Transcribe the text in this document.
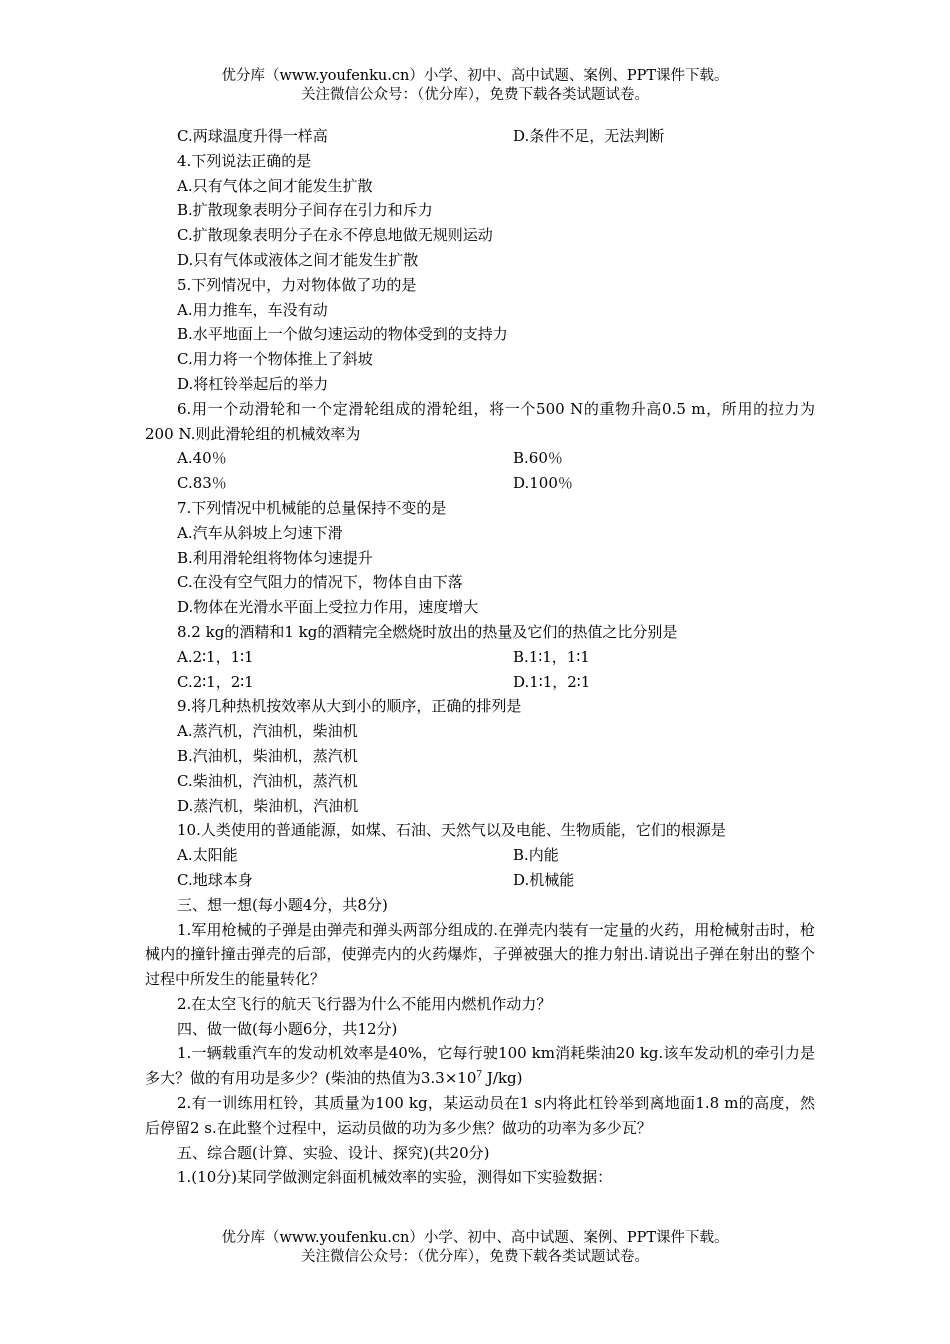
优分库（www.youfenku.cn）小学、初中、高中试题、案例、PPT课件下载。
关注微信公众号：（优分库），免费下载各类试题试卷。
C.两球温度升得一样高	D.条件不足，无法判断
4.下列说法正确的是
A.只有气体之间才能发生扩散
B.扩散现象表明分子间存在引力和斥力
C.扩散现象表明分子在永不停息地做无规则运动
D.只有气体或液体之间才能发生扩散
5.下列情况中，力对物体做了功的是
A.用力推车，车没有动
B.水平地面上一个做匀速运动的物体受到的支持力
C.用力将一个物体推上了斜坡
D.将杠铃举起后的举力
6.用一个动滑轮和一个定滑轮组成的滑轮组，将一个500 N的重物升高0.5 m，所用的拉力为200 N.则此滑轮组的机械效率为
A.40％	B.60％
C.83％	D.100％
7.下列情况中机械能的总量保持不变的是
A.汽车从斜坡上匀速下滑
B.利用滑轮组将物体匀速提升
C.在没有空气阻力的情况下，物体自由下落
D.物体在光滑水平面上受拉力作用，速度增大
8.2 kg的酒精和1 kg的酒精完全燃烧时放出的热量及它们的热值之比分别是
A.2∶1，1∶1	B.1∶1，1∶1
C.2∶1，2∶1	D.1∶1，2∶1
9.将几种热机按效率从大到小的顺序，正确的排列是
A.蒸汽机，汽油机，柴油机
B.汽油机，柴油机，蒸汽机
C.柴油机，汽油机，蒸汽机
D.蒸汽机，柴油机，汽油机
10.人类使用的普通能源，如煤、石油、天然气以及电能、生物质能，它们的根源是
A.太阳能	B.内能
C.地球本身	D.机械能
三、想一想(每小题4分，共8分)
1.军用枪械的子弹是由弹壳和弹头两部分组成的.在弹壳内装有一定量的火药，用枪械射击时，枪械内的撞针撞击弹壳的后部，使弹壳内的火药爆炸，子弹被强大的推力射出.请说出子弹在射出的整个过程中所发生的能量转化？
2.在太空飞行的航天飞行器为什么不能用内燃机作动力？
四、做一做(每小题6分，共12分)
1.一辆载重汽车的发动机效率是40%，它每行驶100 km消耗柴油20 kg.该车发动机的牵引力是多大？做的有用功是多少？(柴油的热值为$3.3\times 10^7$ J/kg)
2.有一训练用杠铃，其质量为100 kg，某运动员在1 s内将此杠铃举到离地面1.8 m的高度，然后停留2 s.在此整个过程中，运动员做的功为多少焦？做功的功率为多少瓦？
五、综合题(计算、实验、设计、探究)(共20分)
1.(10分)某同学做测定斜面机械效率的实验，测得如下实验数据：
优分库（www.youfenku.cn）小学、初中、高中试题、案例、PPT课件下载。
关注微信公众号：（优分库），免费下载各类试题试卷。
